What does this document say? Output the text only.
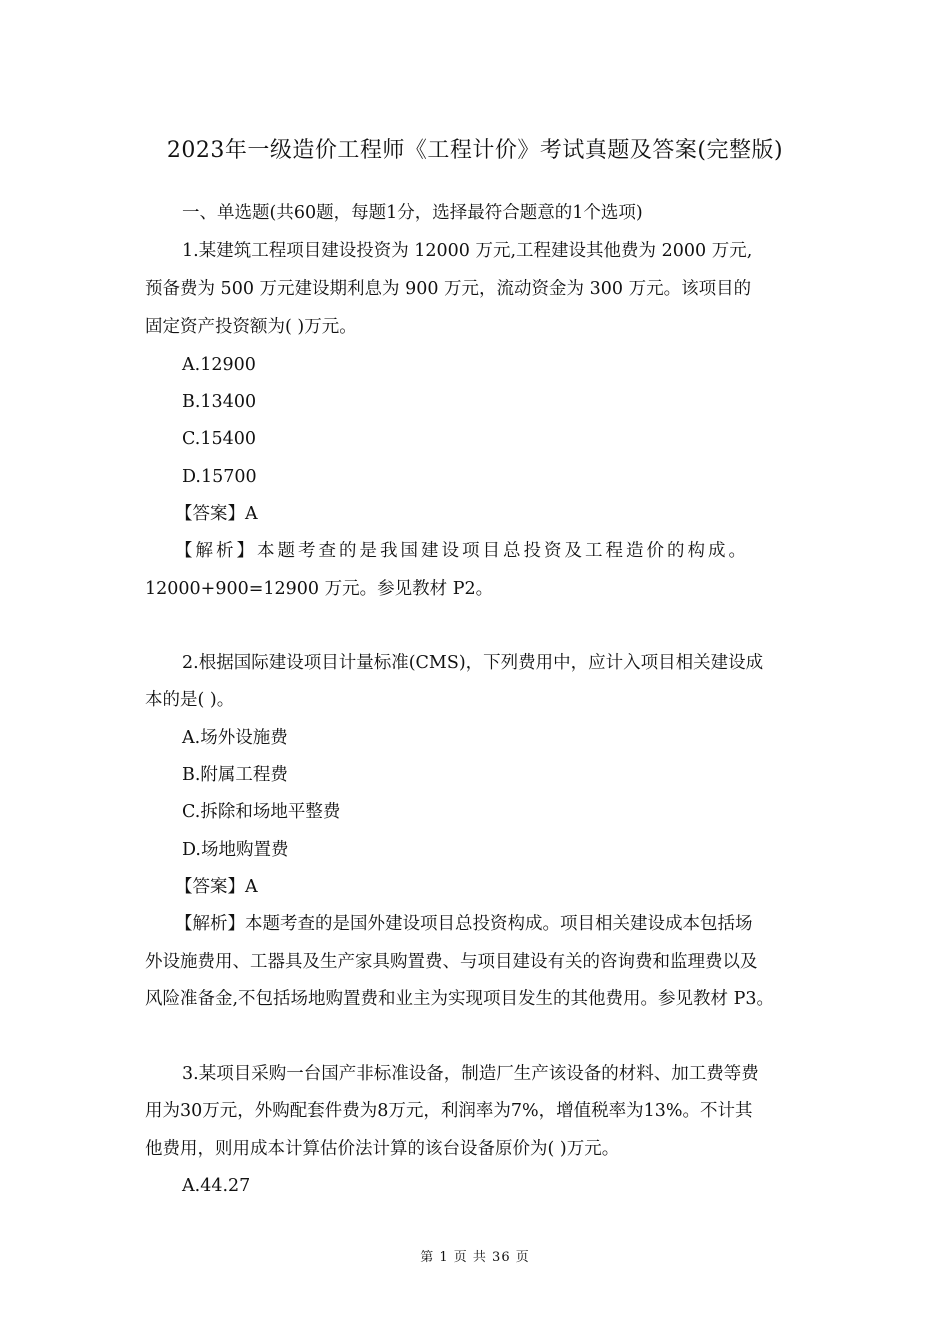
2023年一级造价工程师《工程计价》考试真题及答案(完整版)
一、单选题(共60题，每题1分，选择最符合题意的1个选项)
1.某建筑工程项目建设投资为 12000 万元,工程建设其他费为 2000 万元,
预备费为 500 万元建设期利息为 900 万元，流动资金为 300 万元。该项目的
固定资产投资额为( )万元。
A.12900
B.13400
C.15400
D.15700
【答案】A
【解析】本题考查的是我国建设项目总投资及工程造价的构成。
12000+900=12900 万元。参见教材 P2。
2.根据国际建设项目计量标准(CMS)，下列费用中，应计入项目相关建设成
本的是( )。
A.场外设施费
B.附属工程费
C.拆除和场地平整费
D.场地购置费
【答案】A
【解析】本题考查的是国外建设项目总投资构成。项目相关建设成本包括场
外设施费用、工器具及生产家具购置费、与项目建设有关的咨询费和监理费以及
风险准备金,不包括场地购置费和业主为实现项目发生的其他费用。参见教材 P3。
3.某项目采购一台国产非标准设备，制造厂生产该设备的材料、加工费等费
用为30万元，外购配套件费为8万元，利润率为7%，增值税率为13%。不计其
他费用，则用成本计算估价法计算的该台设备原价为( )万元。
A.44.27
第 1 页 共 36 页
